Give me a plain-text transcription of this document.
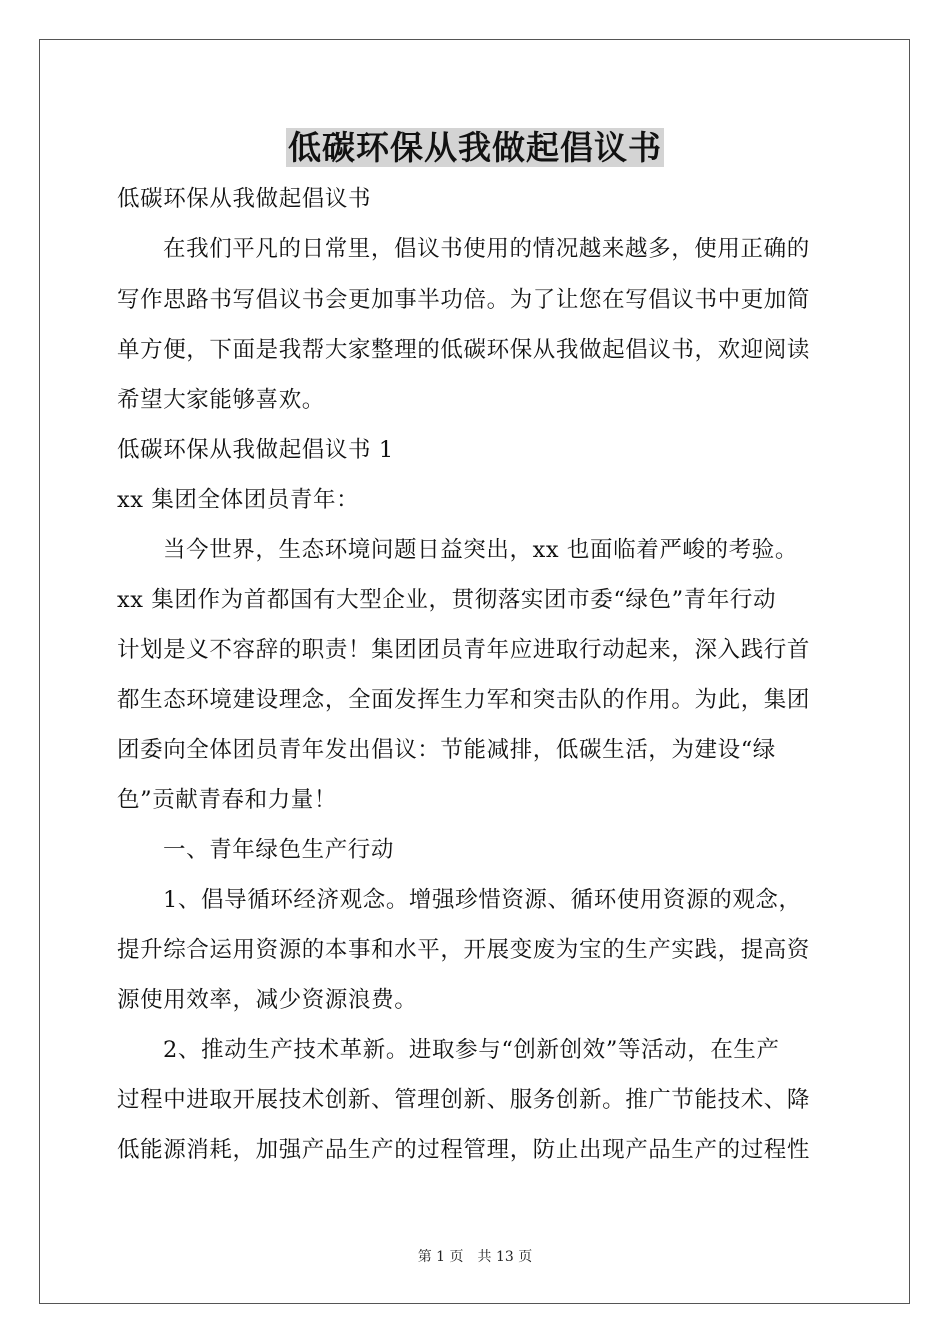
低碳环保从我做起倡议书
低碳环保从我做起倡议书
在我们平凡的日常里，倡议书使用的情况越来越多，使用正确的
写作思路书写倡议书会更加事半功倍。为了让您在写倡议书中更加简
单方便，下面是我帮大家整理的低碳环保从我做起倡议书，欢迎阅读
希望大家能够喜欢。
低碳环保从我做起倡议书 1
xx 集团全体团员青年：
当今世界，生态环境问题日益突出，xx 也面临着严峻的考验。
xx 集团作为首都国有大型企业，贯彻落实团市委“绿色”青年行动
计划是义不容辞的职责！集团团员青年应进取行动起来，深入践行首
都生态环境建设理念，全面发挥生力军和突击队的作用。为此，集团
团委向全体团员青年发出倡议：节能减排，低碳生活，为建设“绿
色”贡献青春和力量！
一、青年绿色生产行动
1、倡导循环经济观念。增强珍惜资源、循环使用资源的观念，
提升综合运用资源的本事和水平，开展变废为宝的生产实践，提高资
源使用效率，减少资源浪费。
2、推动生产技术革新。进取参与“创新创效”等活动，在生产
过程中进取开展技术创新、管理创新、服务创新。推广节能技术、降
低能源消耗，加强产品生产的过程管理，防止出现产品生产的过程性
第 1 页　共 13 页
